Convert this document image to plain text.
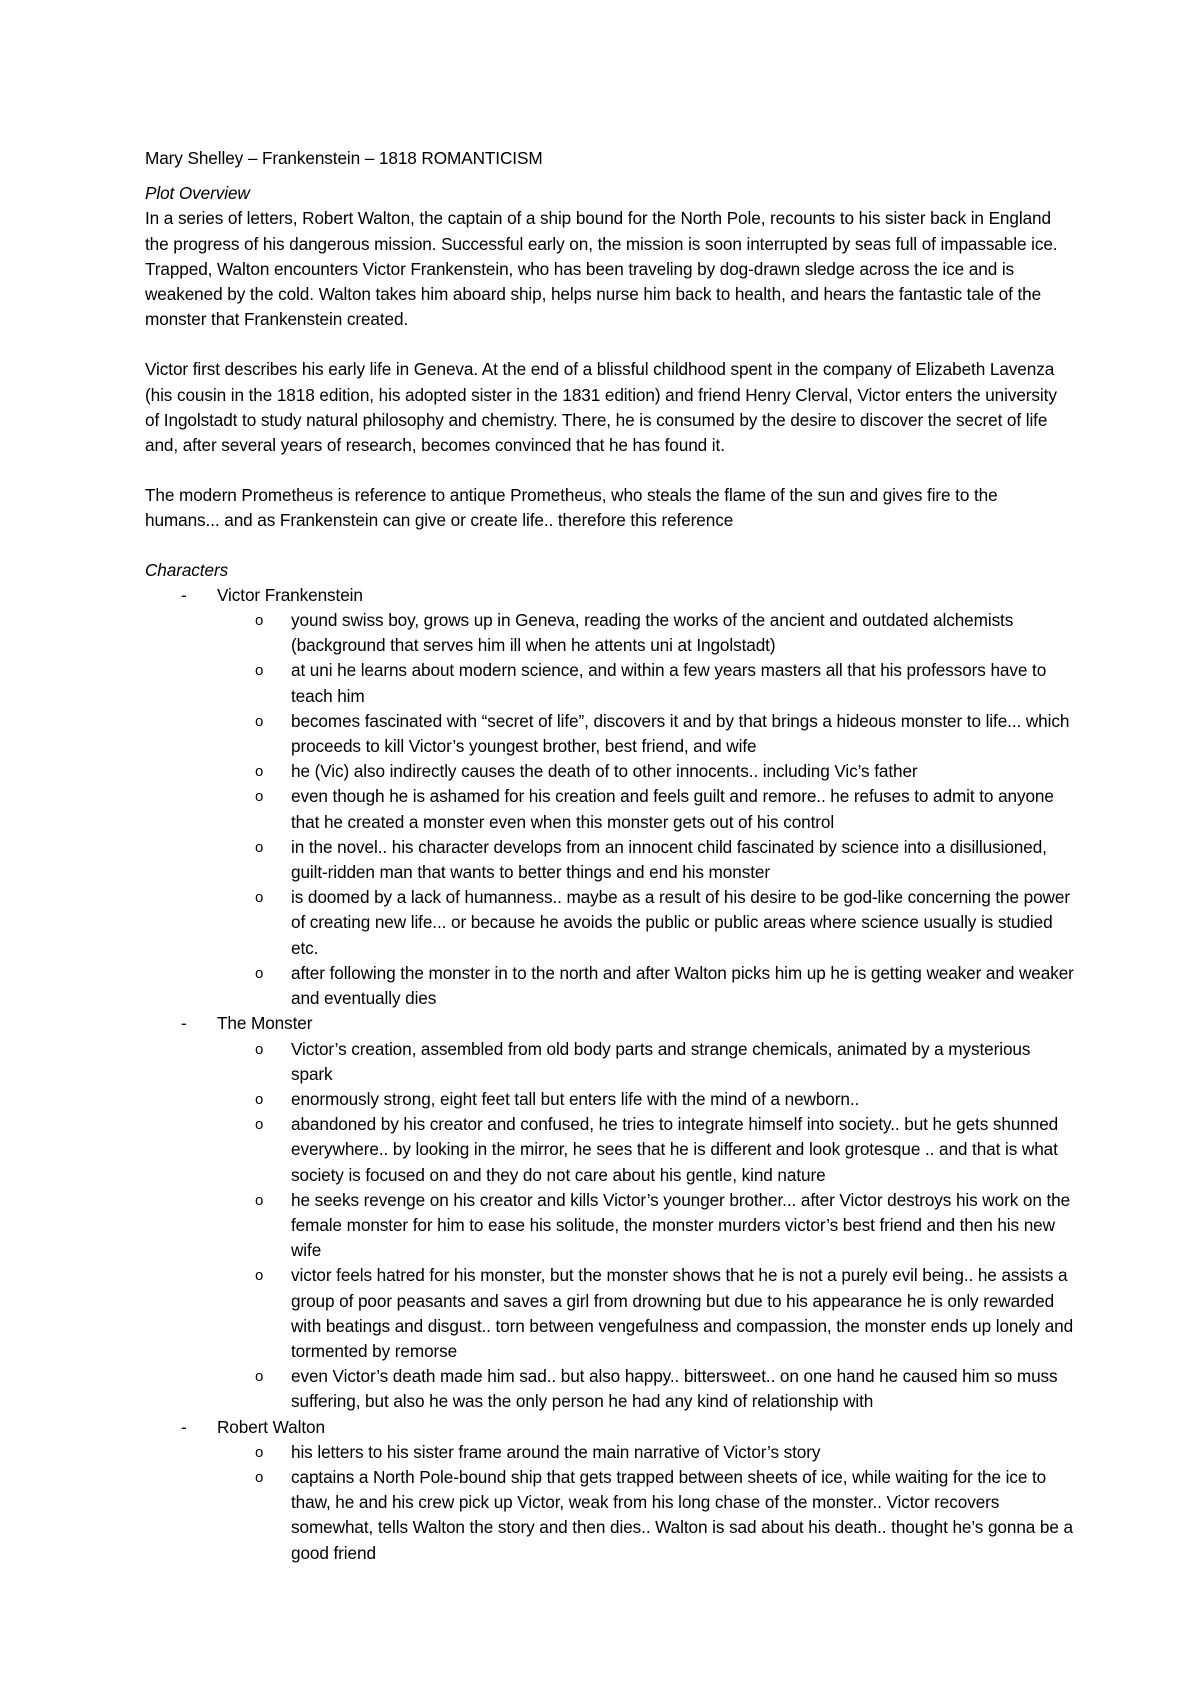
Mary Shelley – Frankenstein – 1818 ROMANTICISM

Plot Overview

In a series of letters, Robert Walton, the captain of a ship bound for the North Pole, recounts to his sister back in England the progress of his dangerous mission. Successful early on, the mission is soon interrupted by seas full of impassable ice. Trapped, Walton encounters Victor Frankenstein, who has been traveling by dog-drawn sledge across the ice and is weakened by the cold. Walton takes him aboard ship, helps nurse him back to health, and hears the fantastic tale of the monster that Frankenstein created.

Victor first describes his early life in Geneva. At the end of a blissful childhood spent in the company of Elizabeth Lavenza (his cousin in the 1818 edition, his adopted sister in the 1831 edition) and friend Henry Clerval, Victor enters the university of Ingolstadt to study natural philosophy and chemistry. There, he is consumed by the desire to discover the secret of life and, after several years of research, becomes convinced that he has found it.

The modern Prometheus is reference to antique Prometheus, who steals the flame of the sun and gives fire to the humans... and as Frankenstein can give or create life.. therefore this reference

Characters

-	Victor Frankenstein
o yound swiss boy, grows up in Geneva, reading the works of the ancient and outdated alchemists (background that serves him ill when he attents uni at Ingolstadt)
o at uni he learns about modern science, and within a few years masters all that his professors have to teach him
o becomes fascinated with “secret of life”, discovers it and by that brings a hideous monster to life... which proceeds to kill Victor’s youngest brother, best friend, and wife
o he (Vic) also indirectly causes the death of to other innocents.. including Vic’s father
o even though he is ashamed for his creation and feels guilt and remore.. he refuses to admit to anyone that he created a monster even when this monster gets out of his control
o in the novel.. his character develops from an innocent child fascinated by science into a disillusioned, guilt-ridden man that wants to better things and end his monster
o is doomed by a lack of humanness.. maybe as a result of his desire to be god-like concerning the power of creating new life... or because he avoids the public or public areas where science usually is studied etc.
o after following the monster in to the north and after Walton picks him up he is getting weaker and weaker and eventually dies
-	The Monster
o Victor’s creation, assembled from old body parts and strange chemicals, animated by a mysterious spark
o enormously strong, eight feet tall but enters life with the mind of a newborn..
o abandoned by his creator and confused, he tries to integrate himself into society.. but he gets shunned everywhere.. by looking in the mirror, he sees that he is different and look grotesque .. and that is what society is focused on and they do not care about his gentle, kind nature
o he seeks revenge on his creator and kills Victor’s younger brother... after Victor destroys his work on the female monster for him to ease his solitude, the monster murders victor’s best friend and then his new wife
o victor feels hatred for his monster, but the monster shows that he is not a purely evil being.. he assists a group of poor peasants and saves a girl from drowning but due to his appearance he is only rewarded with beatings and disgust.. torn between vengefulness and compassion, the monster ends up lonely and tormented by remorse
o even Victor’s death made him sad.. but also happy.. bittersweet.. on one hand he caused him so muss suffering, but also he was the only person he had any kind of relationship with
-	Robert Walton
o his letters to his sister frame around the main narrative of Victor’s story
o captains a North Pole-bound ship that gets trapped between sheets of ice, while waiting for the ice to thaw, he and his crew pick up Victor, weak from his long chase of the monster.. Victor recovers somewhat, tells Walton the story and then dies.. Walton is sad about his death.. thought he’s gonna be a good friend
